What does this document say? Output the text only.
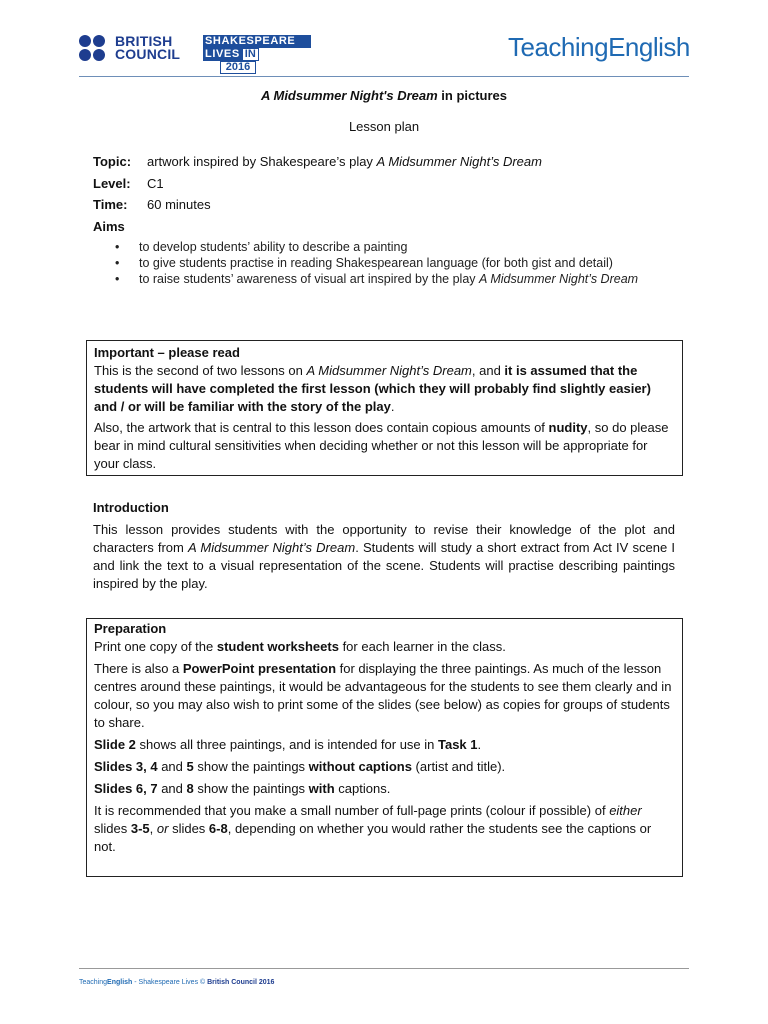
BRITISH
COUNCIL
SHAKESPEARE
LIVES IN
2016
TeachingEnglish
A Midsummer Night's Dream in pictures
Lesson plan
Topic: artwork inspired by Shakespeare’s play A Midsummer Night’s Dream
Level: C1
Time: 60 minutes
Aims
• to develop students’ ability to describe a painting
• to give students practise in reading Shakespearean language (for both gist and detail)
• to raise students’ awareness of visual art inspired by the play A Midsummer Night’s Dream
Important – please read

This is the second of two lessons on A Midsummer Night’s Dream, and it is assumed that the students will have completed the first lesson (which they will probably find slightly easier) and / or will be familiar with the story of the play.

Also, the artwork that is central to this lesson does contain copious amounts of nudity, so do please bear in mind cultural sensitivities when deciding whether or not this lesson will be appropriate for your class.

Introduction
This lesson provides students with the opportunity to revise their knowledge of the plot and characters from A Midsummer Night’s Dream. Students will study a short extract from Act IV scene I and link the text to a visual representation of the scene. Students will practise describing paintings inspired by the play.
Preparation

Print one copy of the student worksheets for each learner in the class.

There is also a PowerPoint presentation for displaying the three paintings. As much of the lesson centres around these paintings, it would be advantageous for the students to see them clearly and in colour, so you may also wish to print some of the slides (see below) as copies for groups of students to share.

Slide 2 shows all three paintings, and is intended for use in Task 1.

Slides 3, 4 and 5 show the paintings without captions (artist and title).

Slides 6, 7 and 8 show the paintings with captions.

It is recommended that you make a small number of full-page prints (colour if possible) of either slides 3-5, or slides 6-8, depending on whether you would rather the students see the captions or not.

TeachingEnglish - Shakespeare Lives © British Council 2016
